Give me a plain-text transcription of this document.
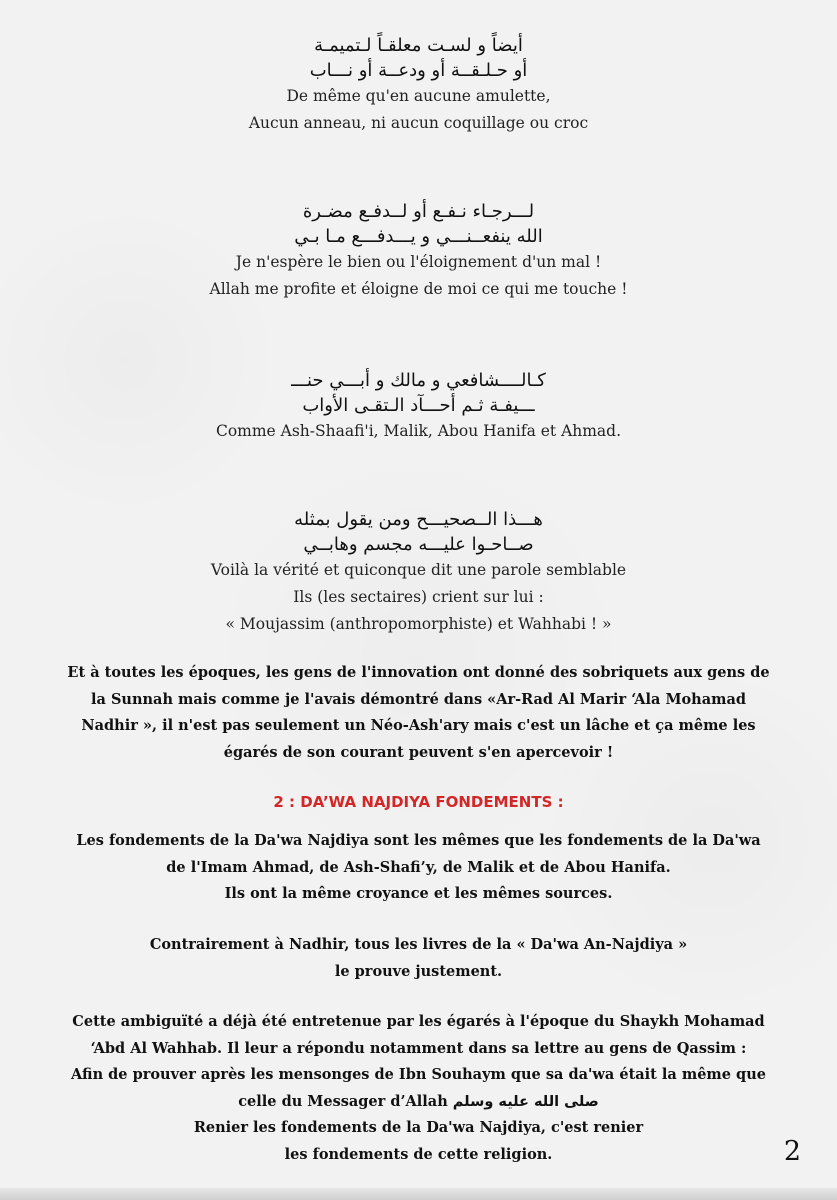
أيضاً و لسـت معلقـاً لـتميمـة
أو حـلـقــة أو ودعــة أو نـــاب
De même qu'en aucune amulette,
Aucun anneau, ni aucun coquillage ou croc
لـــرجـاء نـفـع أو لــدفـع مضـرة
الله ينفعــنـــي و يـــدفـــع مـا بـي
Je n'espère le bien ou l'éloignement d'un mal !
Allah me profite et éloigne de moi ce qui me touche !
كـالــــشافعي و مالك و أبـــي حنـــ
ـــيفـة ثـم أحـــآد الـتقـى الأواب
Comme Ash-Shaafi'i, Malik, Abou Hanifa et Ahmad.
هـــذا الــصحيـــح ومن يقول بمثله
صــاحـوا عليـــه مجسم وهابــي
Voilà la vérité et quiconque dit une parole semblable
Ils (les sectaires) crient sur lui :
« Moujassim (anthropomorphiste) et Wahhabi ! »
Et à toutes les époques, les gens de l'innovation ont donné des sobriquets aux gens de
la Sunnah mais comme je l'avais démontré dans «Ar-Rad Al Marir ‘Ala Mohamad
Nadhir », il n'est pas seulement un Néo-Ash'ary mais c'est un lâche et ça même les
égarés de son courant peuvent s'en apercevoir !
2 : DA’WA NAJDIYA FONDEMENTS :
Les fondements de la Da'wa Najdiya sont les mêmes que les fondements de la Da'wa
de l'Imam Ahmad, de Ash-Shafi’y, de Malik et de Abou Hanifa.
Ils ont la même croyance et les mêmes sources.
Contrairement à Nadhir, tous les livres de la « Da'wa An-Najdiya »
le prouve justement.
Cette ambiguïté a déjà été entretenue par les égarés à l'époque du Shaykh Mohamad
‘Abd Al Wahhab. Il leur a répondu notamment dans sa lettre au gens de Qassim :
Afin de prouver après les mensonges de Ibn Souhaym que sa da'wa était la même que
celle du Messager d’Allah صلى الله عليه وسلم
Renier les fondements de la Da'wa Najdiya, c'est renier
les fondements de cette religion.	2
